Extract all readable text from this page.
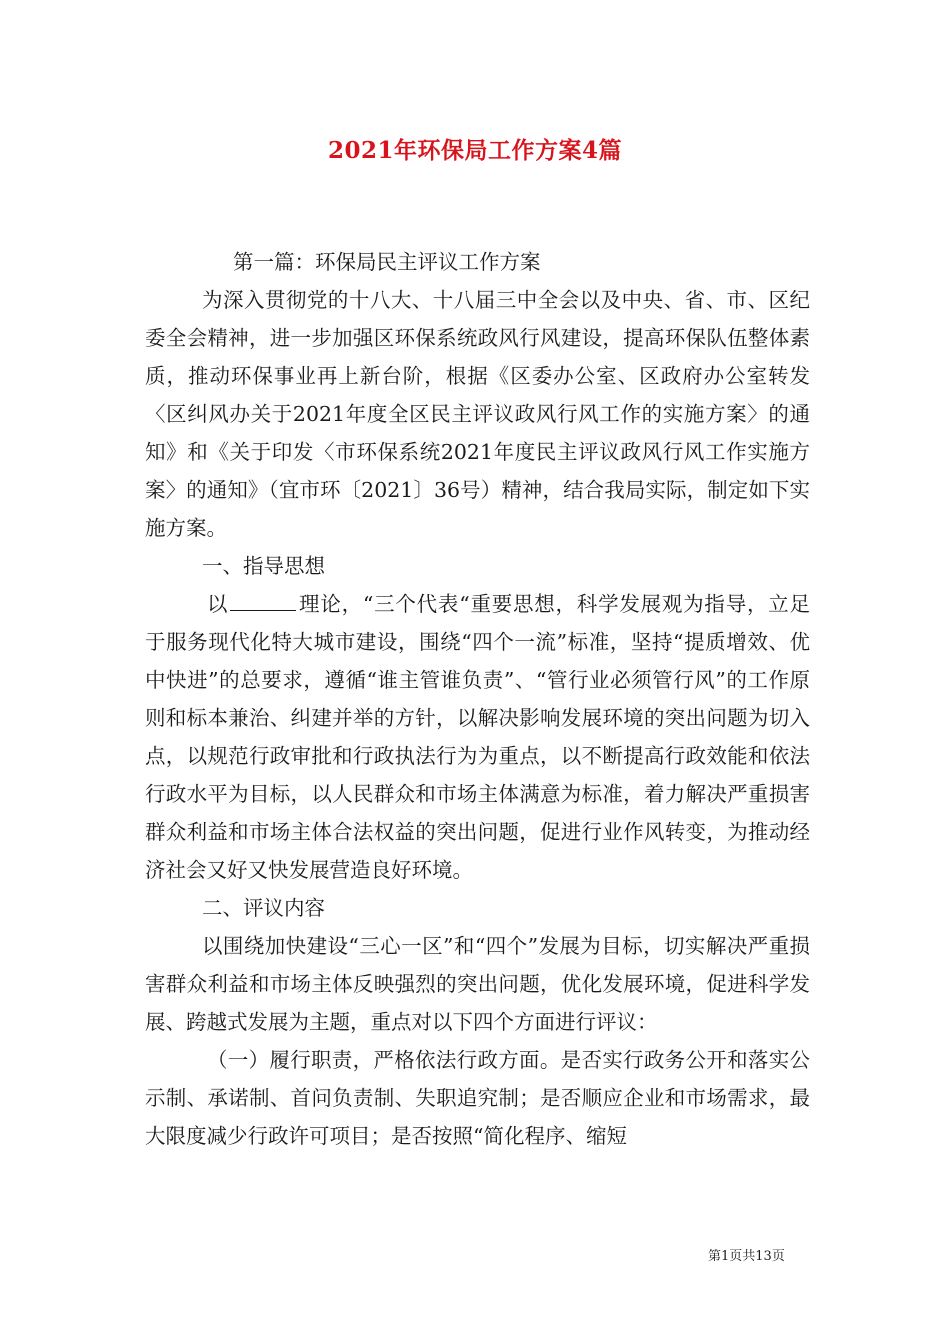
2021年环保局工作方案4篇

第一篇：环保局民主评议工作方案

为深入贯彻党的十八大、十八届三中全会以及中央、省、市、区纪委全会精神，进一步加强区环保系统政风行风建设，提高环保队伍整体素质，推动环保事业再上新台阶，根据《区委办公室、区政府办公室转发〈区纠风办关于2021年度全区民主评议政风行风工作的实施方案〉的通知》和《关于印发〈市环保系统2021年度民主评议政风行风工作实施方案〉的通知》（宜市环〔2021〕36号）精神，结合我局实际，制定如下实施方案。

一、指导思想

以	理论，“三个代表“重要思想，科学发展观为指导，立足于服务现代化特大城市建设，围绕“四个一流”标准，坚持“提质增效、优中快进”的总要求，遵循“谁主管谁负责”、“管行业必须管行风”的工作原则和标本兼治、纠建并举的方针，以解决影响发展环境的突出问题为切入点，以规范行政审批和行政执法行为为重点，以不断提高行政效能和依法行政水平为目标，以人民群众和市场主体满意为标准，着力解决严重损害群众利益和市场主体合法权益的突出问题，促进行业作风转变，为推动经济社会又好又快发展营造良好环境。

二、评议内容

以围绕加快建设“三心一区”和“四个”发展为目标，切实解决严重损害群众利益和市场主体反映强烈的突出问题，优化发展环境，促进科学发展、跨越式发展为主题，重点对以下四个方面进行评议：

（一）履行职责，严格依法行政方面。是否实行政务公开和落实公示制、承诺制、首问负责制、失职追究制；是否顺应企业和市场需求，最大限度减少行政许可项目；是否按照“简化程序、缩短

第1页共13页
